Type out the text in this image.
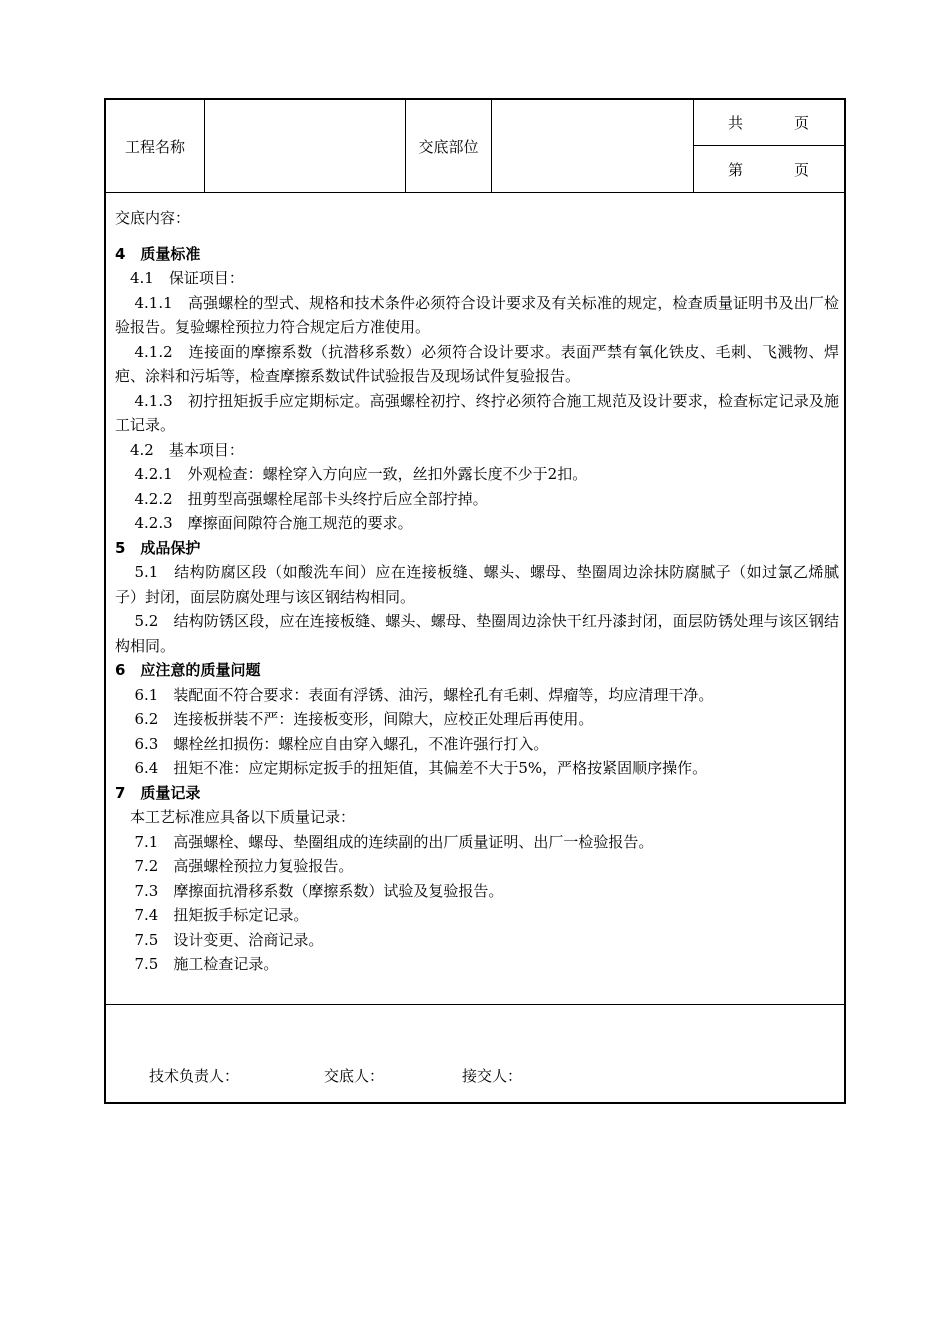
工程名称	交底部位
共	页
第	页

交底内容：

4　质量标准

4.1　保证项目：

4.1.1　高强螺栓的型式、规格和技术条件必须符合设计要求及有关标准的规定，检查质量证明书及出厂检验报告。复验螺栓预拉力符合规定后方准使用。

4.1.2　连接面的摩擦系数（抗潜移系数）必须符合设计要求。表面严禁有氧化铁皮、毛刺、飞溅物、焊疤、涂料和污垢等，检查摩擦系数试件试验报告及现场试件复验报告。

4.1.3　初拧扭矩扳手应定期标定。高强螺栓初拧、终拧必须符合施工规范及设计要求，检查标定记录及施工记录。

4.2　基本项目：

4.2.1　外观检查：螺栓穿入方向应一致，丝扣外露长度不少于2扣。

4.2.2　扭剪型高强螺栓尾部卡头终拧后应全部拧掉。

4.2.3　摩擦面间隙符合施工规范的要求。

5　成品保护

5.1　结构防腐区段（如酸洗车间）应在连接板缝、螺头、螺母、垫圈周边涂抹防腐腻子（如过氯乙烯腻子）封闭，面层防腐处理与该区钢结构相同。

5.2　结构防锈区段，应在连接板缝、螺头、螺母、垫圈周边涂快干红丹漆封闭，面层防锈处理与该区钢结构相同。

6　应注意的质量问题

6.1　装配面不符合要求：表面有浮锈、油污，螺栓孔有毛刺、焊瘤等，均应清理干净。

6.2　连接板拼装不严：连接板变形，间隙大，应校正处理后再使用。

6.3　螺栓丝扣损伤：螺栓应自由穿入螺孔，不准许强行打入。

6.4　扭矩不准：应定期标定扳手的扭矩值，其偏差不大于5%，严格按紧固顺序操作。

7　质量记录

本工艺标准应具备以下质量记录：

7.1　高强螺栓、螺母、垫圈组成的连续副的出厂质量证明、出厂一检验报告。

7.2　高强螺栓预拉力复验报告。

7.3　摩擦面抗滑移系数（摩擦系数）试验及复验报告。

7.4　扭矩扳手标定记录。

7.5　设计变更、洽商记录。

7.5　施工检查记录。

技术负责人：	交底人：	接交人：
